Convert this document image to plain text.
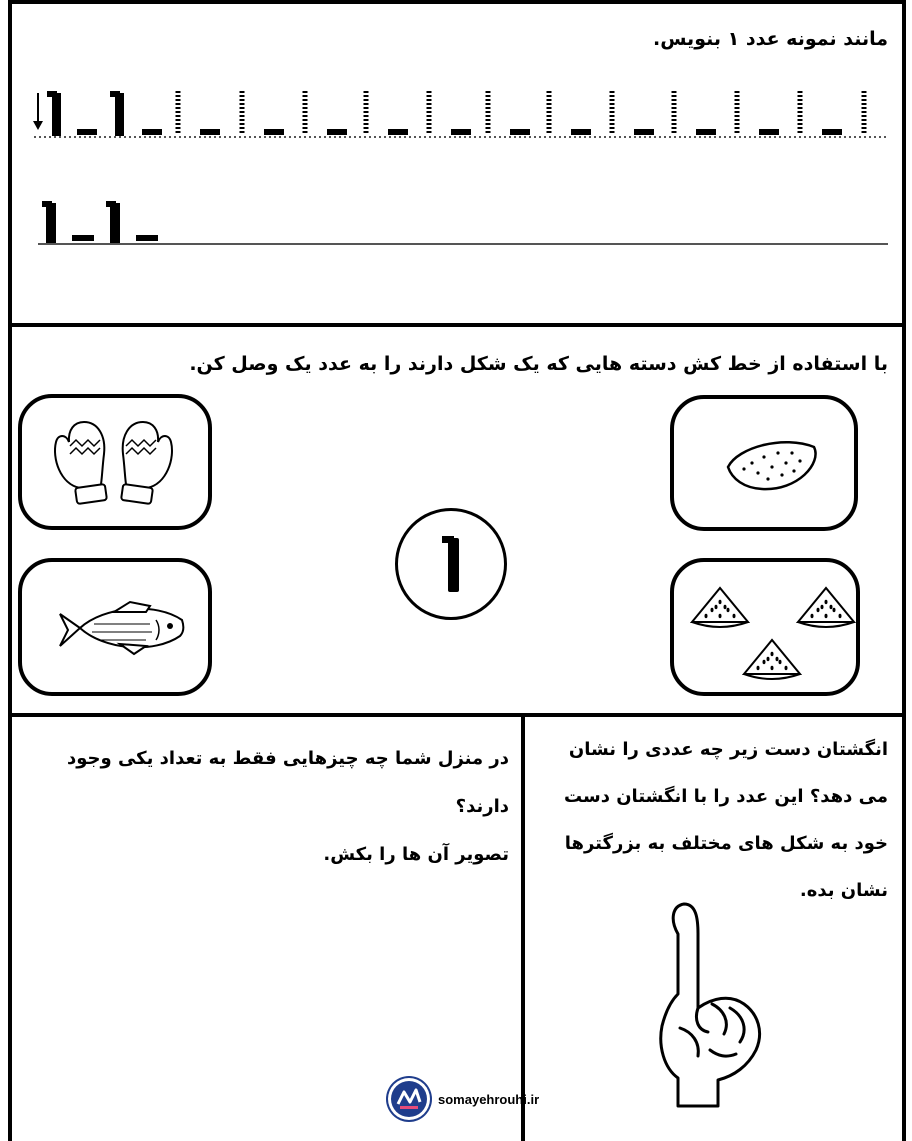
مانند نمونه عدد ۱ بنویس.
با استفاده از خط کش دسته هایی که یک شکل دارند را به عدد یک وصل کن.
در منزل شما چه چیزهایی فقط به تعداد یکی وجود دارند؟
تصویر آن ها را بکش.
انگشتان دست زیر چه عددی را نشان
می دهد؟ این عدد را با انگشتان دست
خود به شکل های مختلف به بزرگترها
نشان بده.
somayehrouhi.ir
